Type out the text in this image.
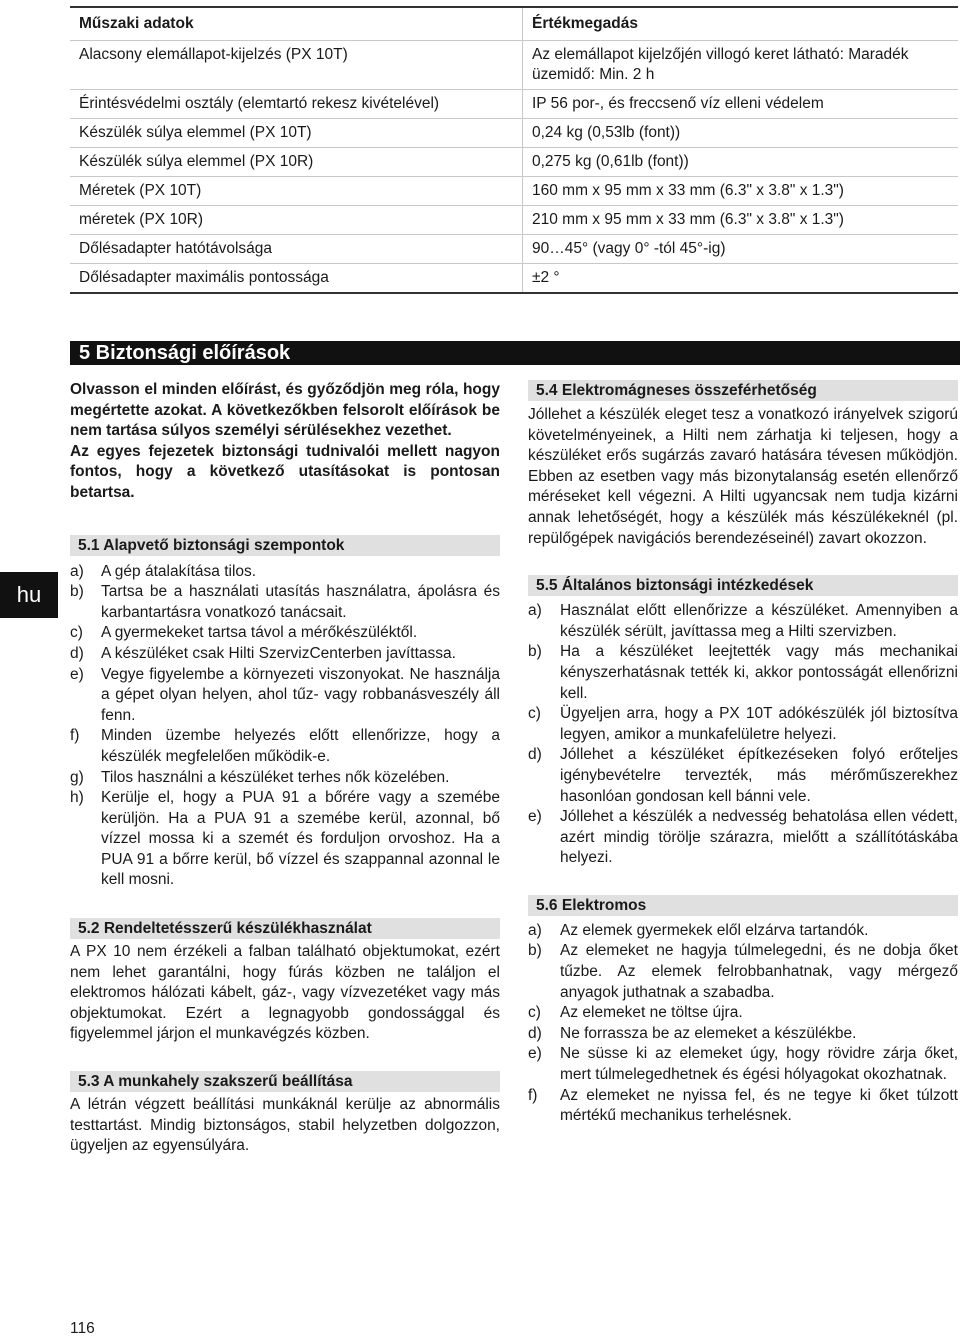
Műszaki adatok	Értékmegadás
Alacsony elemállapot-kijelzés (PX 10T)	Az elemállapot kijelzőjén villogó keret látható: Maradék üzemidő: Min. 2 h
Érintésvédelmi osztály (elemtartó rekesz kivételével)	IP 56 por-, és freccsenő víz elleni védelem
Készülék súlya elemmel (PX 10T)	0,24 kg (0,53lb (font))
Készülék súlya elemmel (PX 10R)	0,275 kg (0,61lb (font))
Méretek (PX 10T)	160 mm x 95 mm x 33 mm (6.3" x 3.8" x 1.3")
méretek (PX 10R)	210 mm x 95 mm x 33 mm (6.3" x 3.8" x 1.3")
Dőlésadapter hatótávolsága	90…45° (vagy 0° -tól 45°-ig)
Dőlésadapter maximális pontossága	±2 °
5 Biztonsági előírások
hu

Olvasson el minden előírást, és győződjön meg róla, hogy megértette azokat. A következőkben felsorolt előírások be nem tartása súlyos személyi sérülésekhez vezethet.

Az egyes fejezetek biztonsági tudnivalói mellett nagyon fontos, hogy a következő utasításokat is pontosan betartsa.

5.1 Alapvető biztonsági szempontok
a) A gép átalakítása tilos.
b) Tartsa be a használati utasítás használatra, ápolásra és karbantartásra vonatkozó tanácsait.
c) A gyermekeket tartsa távol a mérőkészüléktől.
d) A készüléket csak Hilti SzervizCenterben javíttassa.
e) Vegye figyelembe a környezeti viszonyokat. Ne használja a gépet olyan helyen, ahol tűz- vagy robbanásveszély áll fenn.
f) Minden üzembe helyezés előtt ellenőrizze, hogy a készülék megfelelően működik-e.
g) Tilos használni a készüléket terhes nők közelében.
h) Kerülje el, hogy a PUA 91 a bőrére vagy a szemébe kerüljön. Ha a PUA 91 a szemébe kerül, azonnal, bő vízzel mossa ki a szemét és forduljon orvoshoz. Ha a PUA 91 a bőrre kerül, bő vízzel és szappannal azonnal le kell mosni.
5.2 Rendeltetésszerű készülékhasználat

A PX 10 nem érzékeli a falban található objektumokat, ezért nem lehet garantálni, hogy fúrás közben ne találjon el elektromos hálózati kábelt, gáz-, vagy vízvezetéket vagy más objektumokat. Ezért a legnagyobb gondossággal és figyelemmel járjon el munkavégzés közben.

5.3 A munkahely szakszerű beállítása

A létrán végzett beállítási munkáknál kerülje az abnormális testtartást. Mindig biztonságos, stabil helyzetben dolgozzon, ügyeljen az egyensúlyára.

5.4 Elektromágneses összeférhetőség

Jóllehet a készülék eleget tesz a vonatkozó irányelvek szigorú követelményeinek, a Hilti nem zárhatja ki teljesen, hogy a készüléket erős sugárzás zavaró hatására tévesen működjön. Ebben az esetben vagy más bizonytalanság esetén ellenőrző méréseket kell végezni. A Hilti ugyancsak nem tudja kizárni annak lehetőségét, hogy a készülék más készülékeknél (pl. repülőgépek navigációs berendezéseinél) zavart okozzon.

5.5 Általános biztonsági intézkedések
a) Használat előtt ellenőrizze a készüléket. Amennyiben a készülék sérült, javíttassa meg a Hilti szervizben.
b) Ha a készüléket leejtették vagy más mechanikai kényszerhatásnak tették ki, akkor pontosságát ellenőrizni kell.
c) Ügyeljen arra, hogy a PX 10T adókészülék jól biztosítva legyen, amikor a munkafelületre helyezi.
d) Jóllehet a készüléket építkezéseken folyó erőteljes igénybevételre tervezték, más mérőműszerekhez hasonlóan gondosan kell bánni vele.
e) Jóllehet a készülék a nedvesség behatolása ellen védett, azért mindig törölje szárazra, mielőtt a szállítótáskába helyezi.
5.6 Elektromos
a) Az elemek gyermekek elől elzárva tartandók.
b) Az elemeket ne hagyja túlmelegedni, és ne dobja őket tűzbe. Az elemek felrobbanhatnak, vagy mérgező anyagok juthatnak a szabadba.
c) Az elemeket ne töltse újra.
d) Ne forrassza be az elemeket a készülékbe.
e) Ne süsse ki az elemeket úgy, hogy rövidre zárja őket, mert túlmelegedhetnek és égési hólyagokat okozhatnak.
f) Az elemeket ne nyissa fel, és ne tegye ki őket túlzott mértékű mechanikus terhelésnek.
116
